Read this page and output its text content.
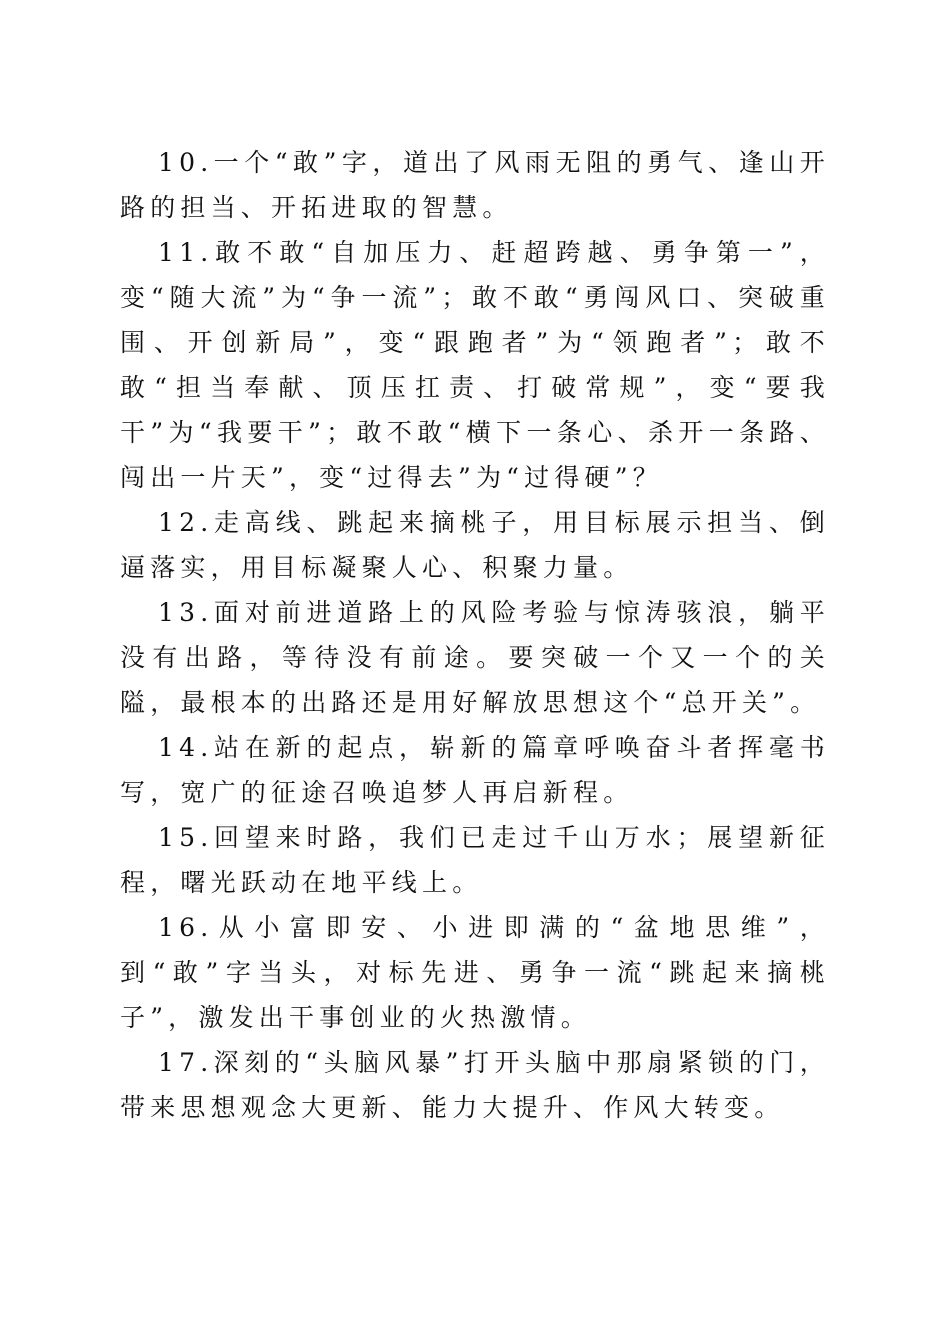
10.一个“敢”字，道出了风雨无阻的勇气、逢山开路的担当、开拓进取的智慧。

11.敢不敢“自加压力、赶超跨越、勇争第一”，变“随大流”为“争一流”；敢不敢“勇闯风口、突破重围、开创新局”，变“跟跑者”为“领跑者”；敢不敢“担当奉献、顶压扛责、打破常规”，变“要我干”为“我要干”；敢不敢“横下一条心、杀开一条路、闯出一片天”，变“过得去”为“过得硬”？

12.走高线、跳起来摘桃子，用目标展示担当、倒逼落实，用目标凝聚人心、积聚力量。

13.面对前进道路上的风险考验与惊涛骇浪，躺平没有出路，等待没有前途。要突破一个又一个的关隘，最根本的出路还是用好解放思想这个“总开关”。

14.站在新的起点，崭新的篇章呼唤奋斗者挥毫书写，宽广的征途召唤追梦人再启新程。

15.回望来时路，我们已走过千山万水；展望新征程，曙光跃动在地平线上。

16.从小富即安、小进即满的“盆地思维”，到“敢”字当头，对标先进、勇争一流“跳起来摘桃子”，激发出干事创业的火热激情。

17.深刻的“头脑风暴”打开头脑中那扇紧锁的门，带来思想观念大更新、能力大提升、作风大转变。
